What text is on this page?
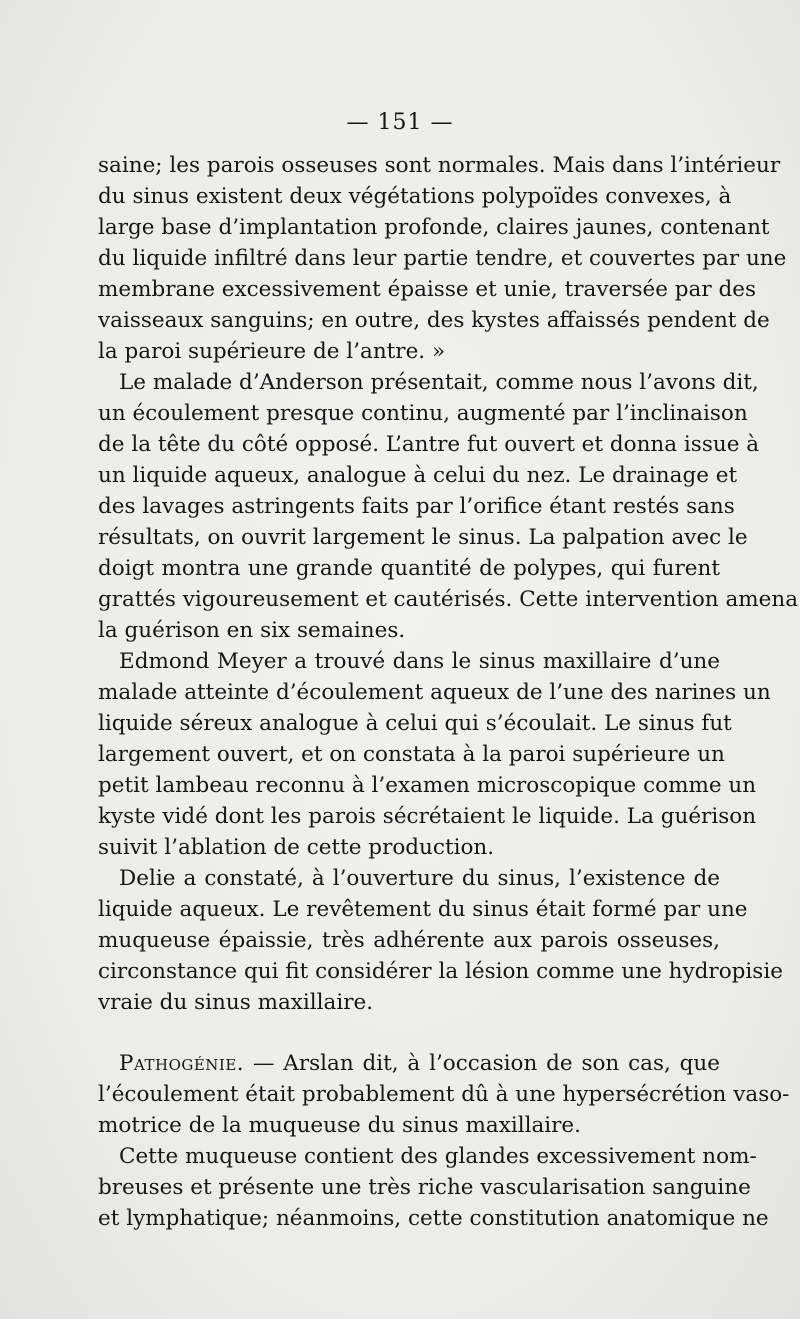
— 151 —

saine; les parois osseuses sont normales. Mais dans l’intérieur
du sinus existent deux végétations polypoïdes convexes, à
large base d’implantation profonde, claires jaunes, contenant
du liquide infiltré dans leur partie tendre, et couvertes par une
membrane excessivement épaisse et unie, traversée par des
vaisseaux sanguins; en outre, des kystes affaissés pendent de
la paroi supérieure de l’antre. »

Le malade d’Anderson présentait, comme nous l’avons dit,
un écoulement presque continu, augmenté par l’inclinaison
de la tête du côté opposé. L’antre fut ouvert et donna issue à
un liquide aqueux, analogue à celui du nez. Le drainage et
des lavages astringents faits par l’orifice étant restés sans
résultats, on ouvrit largement le sinus. La palpation avec le
doigt montra une grande quantité de polypes, qui furent
grattés vigoureusement et cautérisés. Cette intervention amena
la guérison en six semaines.

Edmond Meyer a trouvé dans le sinus maxillaire d’une
malade atteinte d’écoulement aqueux de l’une des narines un
liquide séreux analogue à celui qui s’écoulait. Le sinus fut
largement ouvert, et on constata à la paroi supérieure un
petit lambeau reconnu à l’examen microscopique comme un
kyste vidé dont les parois sécrétaient le liquide. La guérison
suivit l’ablation de cette production.

Delie a constaté, à l’ouverture du sinus, l’existence de
liquide aqueux. Le revêtement du sinus était formé par une
muqueuse épaissie, très adhérente aux parois osseuses,
circonstance qui fit considérer la lésion comme une hydropisie
vraie du sinus maxillaire.

Pathogénie. — Arslan dit, à l’occasion de son cas, que
l’écoulement était probablement dû à une hypersécrétion vaso-
motrice de la muqueuse du sinus maxillaire.

Cette muqueuse contient des glandes excessivement nom-
breuses et présente une très riche vascularisation sanguine
et lymphatique; néanmoins, cette constitution anatomique ne
